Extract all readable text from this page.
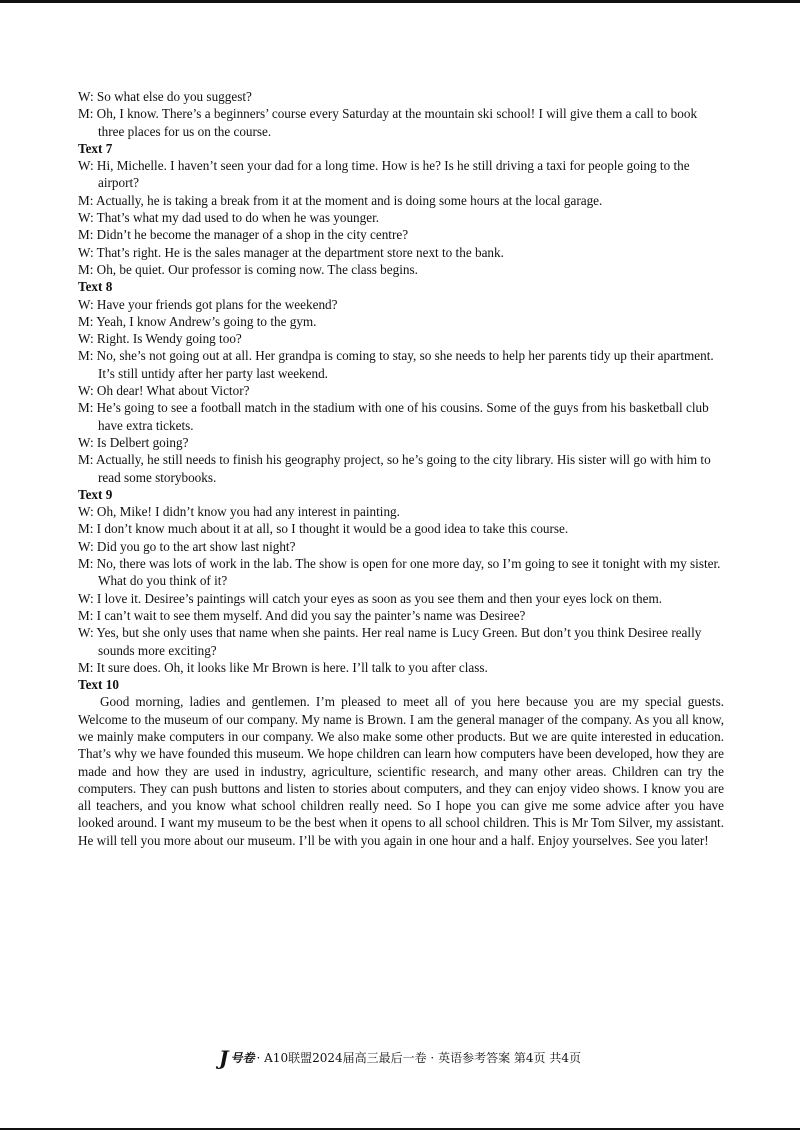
W: So what else do you suggest?

M: Oh, I know. There’s a beginners’ course every Saturday at the mountain ski school! I will give them a call to book three places for us on the course.

Text 7

W: Hi, Michelle. I haven’t seen your dad for a long time. How is he? Is he still driving a taxi for people going to the airport?

M: Actually, he is taking a break from it at the moment and is doing some hours at the local garage.

W: That’s what my dad used to do when he was younger.

M: Didn’t he become the manager of a shop in the city centre?

W: That’s right. He is the sales manager at the department store next to the bank.

M: Oh, be quiet. Our professor is coming now. The class begins.

Text 8

W: Have your friends got plans for the weekend?

M: Yeah, I know Andrew’s going to the gym.

W: Right. Is Wendy going too?

M: No, she’s not going out at all. Her grandpa is coming to stay, so she needs to help her parents tidy up their apartment. It’s still untidy after her party last weekend.

W: Oh dear! What about Victor?

M: He’s going to see a football match in the stadium with one of his cousins. Some of the guys from his basketball club have extra tickets.

W: Is Delbert going?

M: Actually, he still needs to finish his geography project, so he’s going to the city library. His sister will go with him to read some storybooks.

Text 9

W: Oh, Mike! I didn’t know you had any interest in painting.

M: I don’t know much about it at all, so I thought it would be a good idea to take this course.

W: Did you go to the art show last night?

M: No, there was lots of work in the lab. The show is open for one more day, so I’m going to see it tonight with my sister. What do you think of it?

W: I love it. Desiree’s paintings will catch your eyes as soon as you see them and then your eyes lock on them.

M: I can’t wait to see them myself. And did you say the painter’s name was Desiree?

W: Yes, but she only uses that name when she paints. Her real name is Lucy Green. But don’t you think Desiree really sounds more exciting?

M: It sure does. Oh, it looks like Mr Brown is here. I’ll talk to you after class.

Text 10

Good morning, ladies and gentlemen. I’m pleased to meet all of you here because you are my special guests. Welcome to the museum of our company. My name is Brown. I am the general manager of the company. As you all know, we mainly make computers in our company. We also make some other products. But we are quite interested in education. That’s why we have founded this museum. We hope children can learn how computers have been developed, how they are made and how they are used in industry, agriculture, scientific research, and many other areas. Children can try the computers. They can push buttons and listen to stories about computers, and they can enjoy video shows. I know you are all teachers, and you know what school children really need. So I hope you can give me some advice after you have looked around. I want my museum to be the best when it opens to all school children. This is Mr Tom Silver, my assistant. He will tell you more about our museum. I’ll be with you again in one hour and a half. Enjoy yourselves. See you later!

J号卷 · A10联盟2024届高三最后一卷 · 英语参考答案 第4页 共4页
